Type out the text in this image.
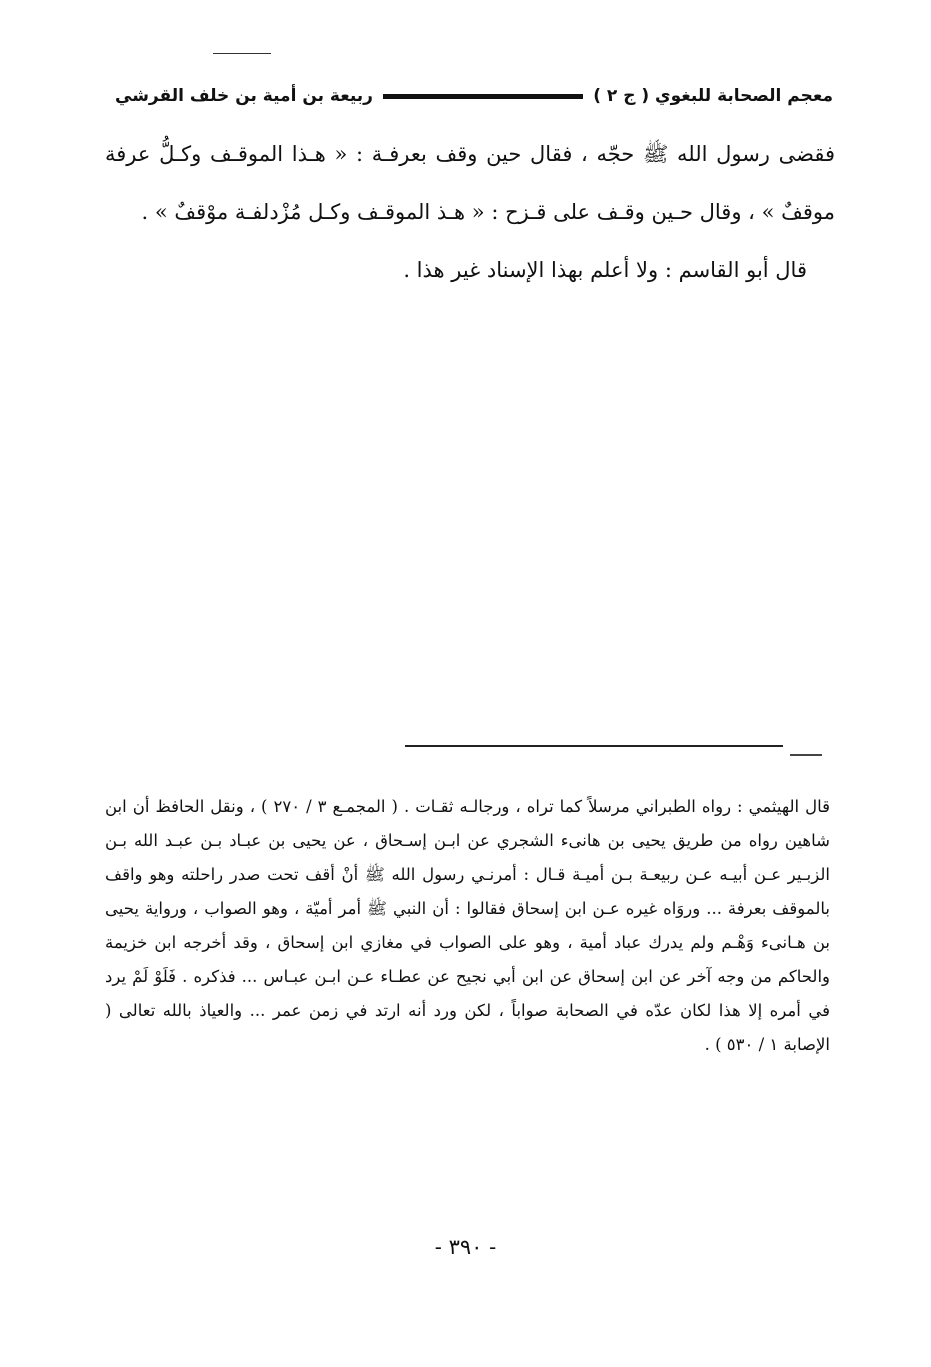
معجم الصحابة للبغوي ( ج ٢ )
ربيعة بن أمية بن خلف القرشي

فقضى رسول الله ﷺ حجّه ، فقال حين وقف بعرفـة : « هـذا الموقـف وكـلُّ عرفة موقفٌ » ، وقال حـين وقـف على قـزح : « هـذ الموقـف وكـل مُزْدلفـة موْقفٌ » .

قال أبو القاسم : ولا أعلم بهذا الإسناد غير هذا .

قال الهيثمي : رواه الطبراني مرسلاً كما تراه ، ورجالـه ثقـات . ( المجمـع ٣ / ٢٧٠ ) ، ونقل الحافظ أن ابن شاهين رواه من طريق يحيى بن هانىء الشجري عن ابـن إسـحاق ، عن يحيى بن عبـاد بـن عبـد الله بـن الزبـير عـن أبيـه عـن ربيعـة بـن أميـة قـال : أمرنـي رسول الله ﷺ أنْ أقف تحت صدر راحلته وهو واقف بالموقف بعرفة ... وروَاه غيره عـن ابن إسحاق فقالوا : أن النبي ﷺ أمر أميّة ، وهو الصواب ، ورواية يحيى بن هـانىء وَهْـم ولم يدرك عباد أمية ، وهو على الصواب في مغازي ابن إسحاق ، وقد أخرجه ابن خزيمة والحاكم من وجه آخر عن ابن إسحاق عن ابن أبي نجيح عن عطـاء عـن ابـن عبـاس ... فذكره . فَلَوْ لَمْ يرد في أمره إلا هذا لكان عدّه في الصحابة صواباً ، لكن ورد أنه ارتد في زمن عمر ... والعياذ بالله تعالى ( الإصابة ١ / ٥٣٠ ) .

- ٣٩٠ -
